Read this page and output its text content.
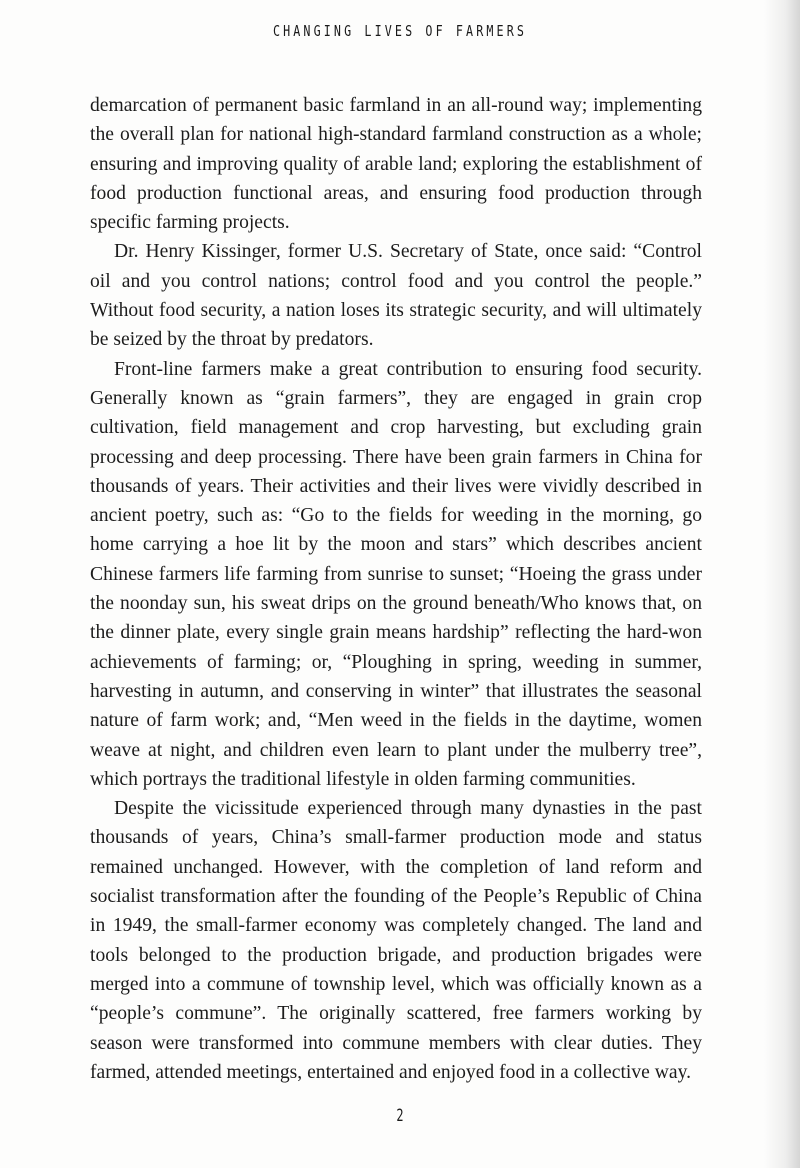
CHANGING LIVES OF FARMERS

demarcation of permanent basic farmland in an all-round way; implementing the overall plan for national high-standard farmland construction as a whole; ensuring and improving quality of arable land; exploring the establishment of food production functional areas, and ensuring food production through specific farming projects.

Dr. Henry Kissinger, former U.S. Secretary of State, once said: “Control oil and you control nations; control food and you control the people.” Without food security, a nation loses its strategic security, and will ultimately be seized by the throat by predators.

Front-line farmers make a great contribution to ensuring food security. Generally known as “grain farmers”, they are engaged in grain crop cultivation, field management and crop harvesting, but excluding grain processing and deep processing. There have been grain farmers in China for thousands of years. Their activities and their lives were vividly described in ancient poetry, such as: “Go to the fields for weeding in the morning, go home carrying a hoe lit by the moon and stars” which describes ancient Chinese farmers life farming from sunrise to sunset; “Hoeing the grass under the noonday sun, his sweat drips on the ground beneath/Who knows that, on the dinner plate, every single grain means hardship” reflecting the hard-won achievements of farming; or, “Ploughing in spring, weeding in summer, harvesting in autumn, and conserving in winter” that illustrates the seasonal nature of farm work; and, “Men weed in the fields in the daytime, women weave at night, and children even learn to plant under the mulberry tree”, which portrays the traditional lifestyle in olden farming communities.

Despite the vicissitude experienced through many dynasties in the past thousands of years, China’s small-farmer production mode and status remained unchanged. However, with the completion of land reform and socialist transformation after the founding of the People’s Republic of China in 1949, the small-farmer economy was completely changed. The land and tools belonged to the production brigade, and production brigades were merged into a commune of township level, which was officially known as a “people’s commune”. The originally scattered, free farmers working by season were transformed into commune members with clear duties. They farmed, attended meetings, entertained and enjoyed food in a collective way.

2
